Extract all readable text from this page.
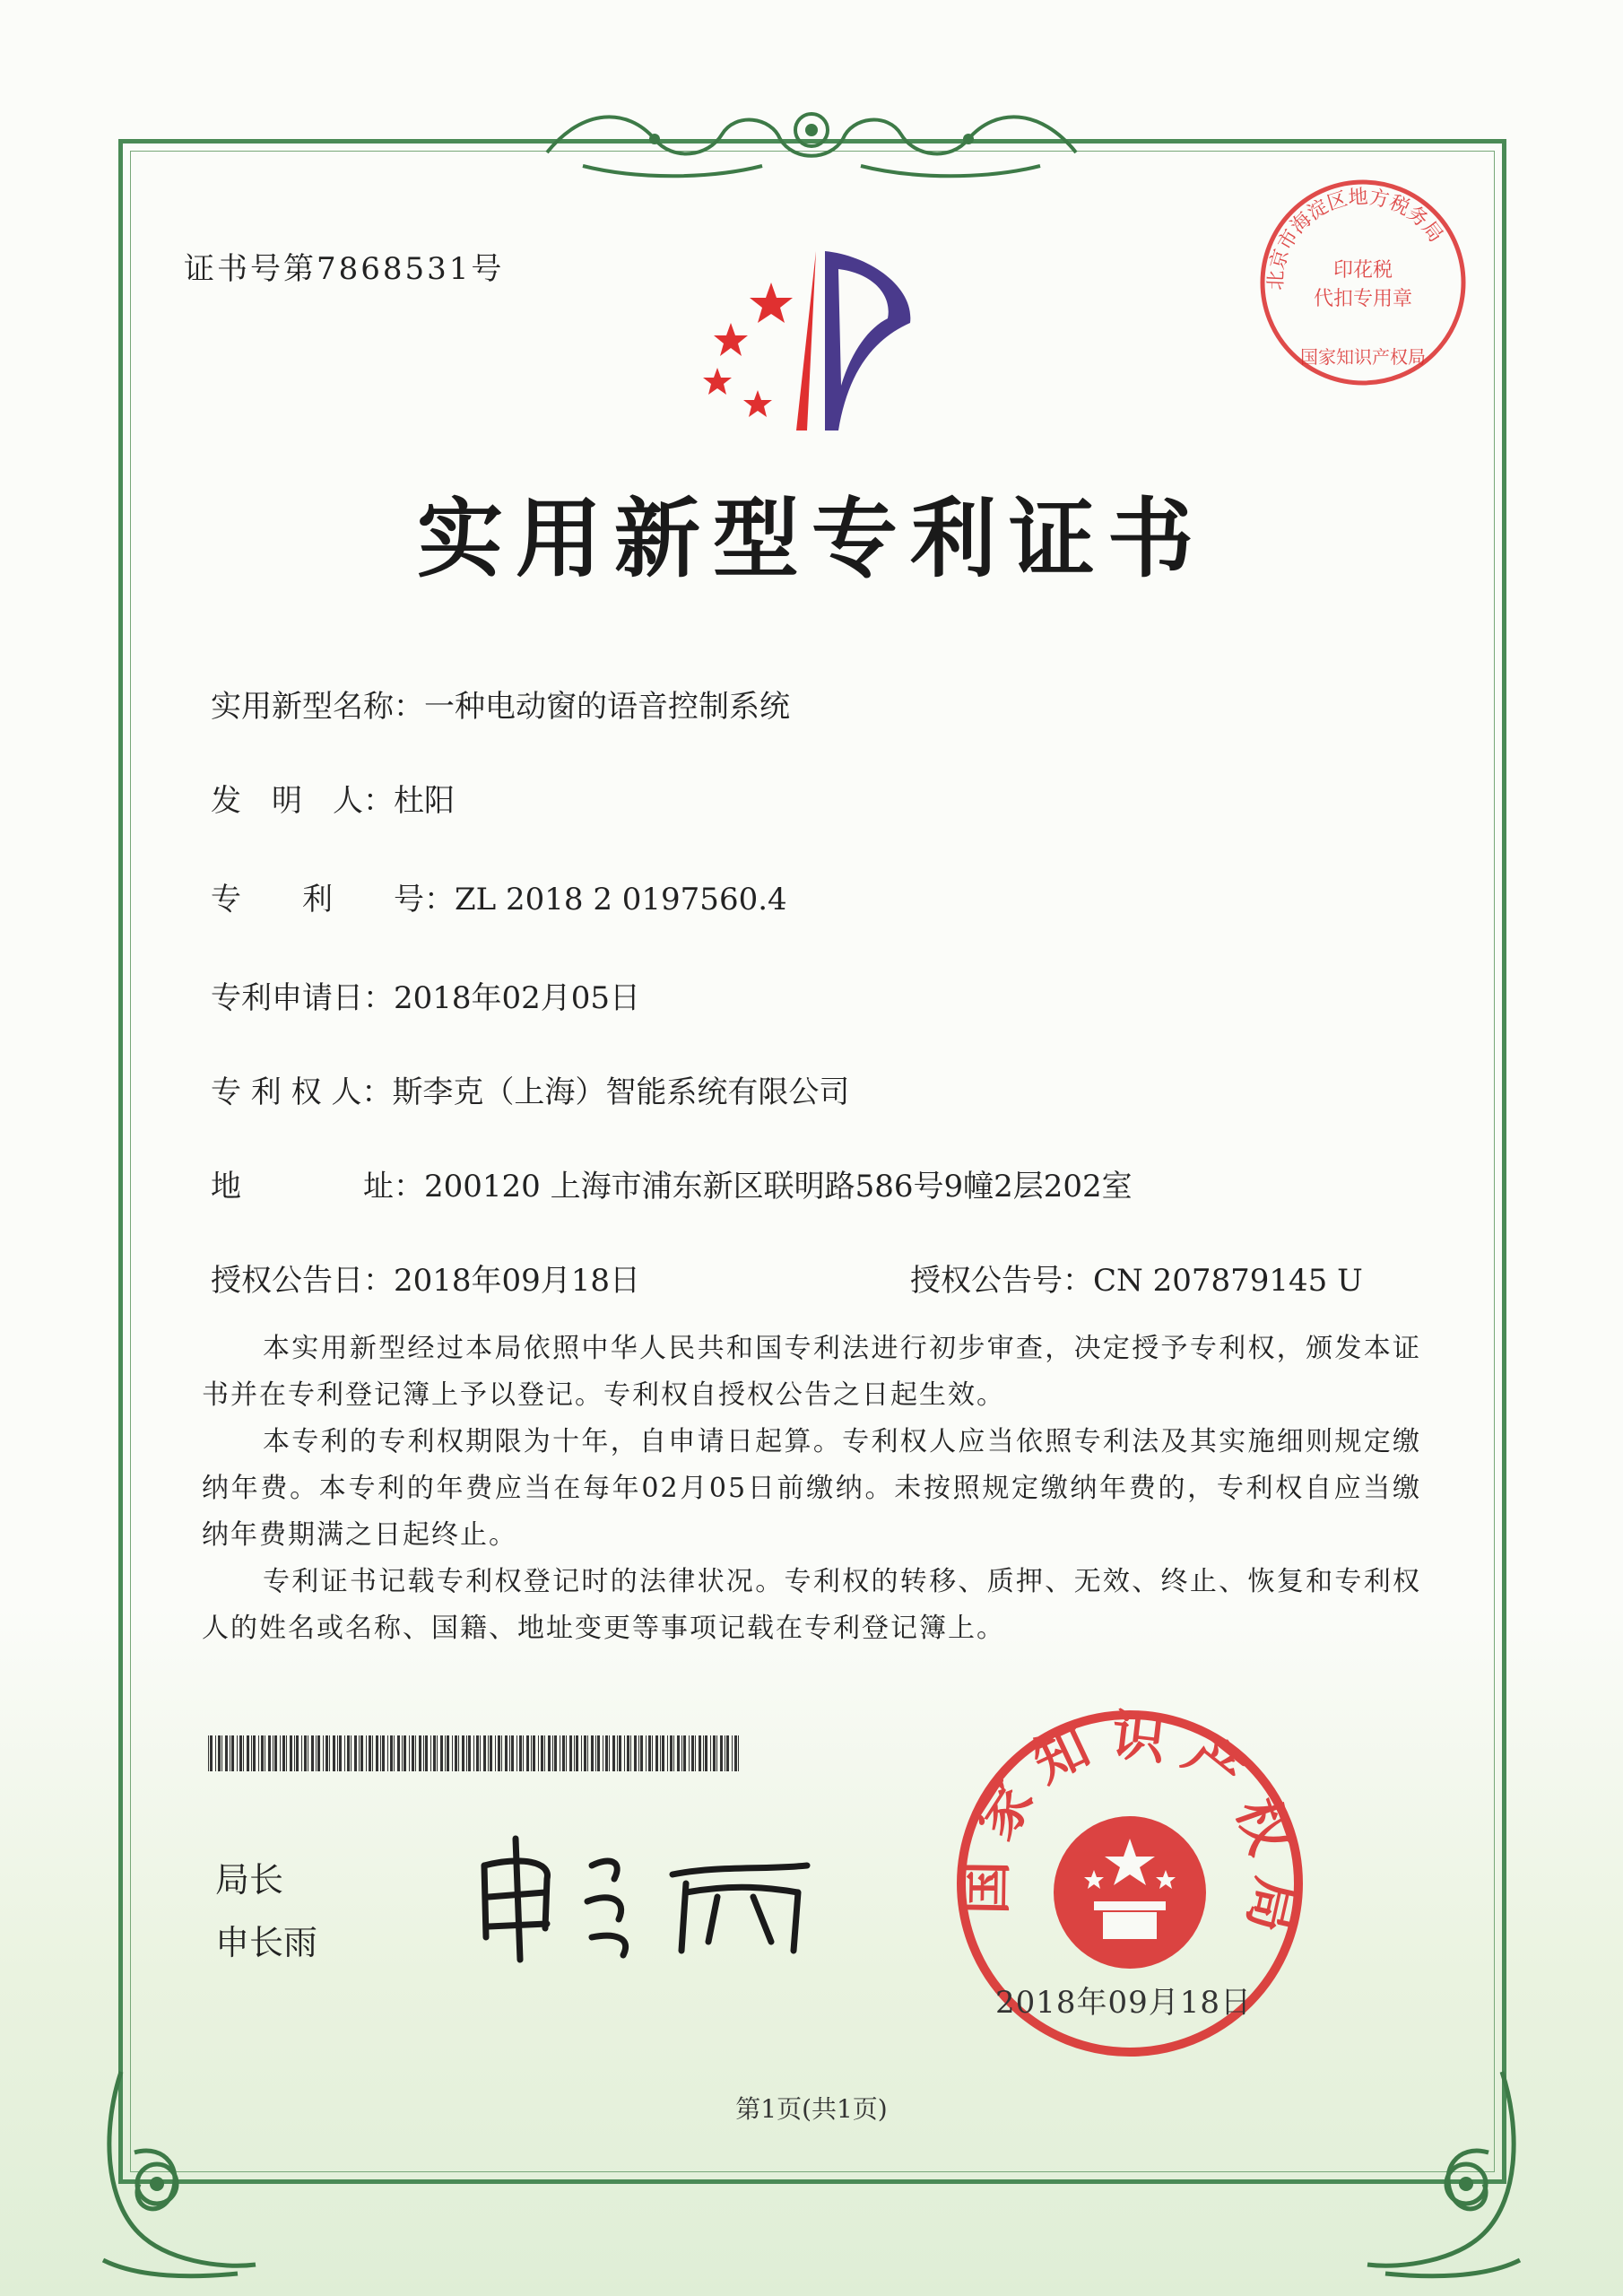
证书号第7868531号	北京市海淀区地方税务局
印花税
代扣专用章
国家知识产权局
实用新型专利证书
实用新型名称：一种电动窗的语音控制系统
发　明　人：杜阳
专　　利　　号：ZL 2018 2 0197560.4
专利申请日：2018年02月05日
专 利 权 人：斯李克（上海）智能系统有限公司
地　　　　址：200120 上海市浦东新区联明路586号9幢2层202室
授权公告日：2018年09月18日	授权公告号：CN 207879145 U

本实用新型经过本局依照中华人民共和国专利法进行初步审查，决定授予专利权，颁发本证书并在专利登记簿上予以登记。专利权自授权公告之日起生效。

本专利的专利权期限为十年，自申请日起算。专利权人应当依照专利法及其实施细则规定缴纳年费。本专利的年费应当在每年02月05日前缴纳。未按照规定缴纳年费的，专利权自应当缴纳年费期满之日起终止。

专利证书记载专利权登记时的法律状况。专利权的转移、质押、无效、终止、恢复和专利权人的姓名或名称、国籍、地址变更等事项记载在专利登记簿上。

局长
申长雨
国家知识产权局
2018年09月18日
第1页(共1页)
